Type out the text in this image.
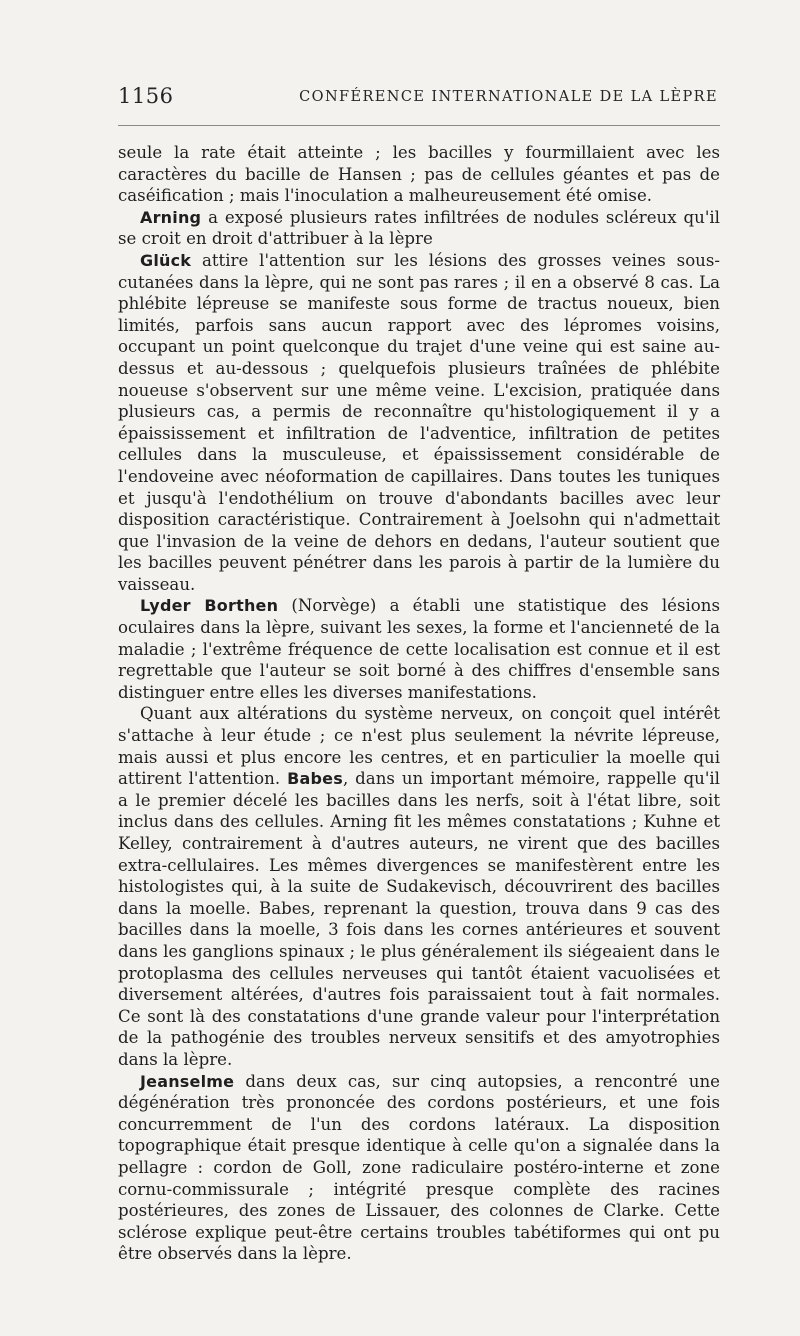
1156	CONFÉRENCE INTERNATIONALE DE LA LÈPRE

seule la rate était atteinte ; les bacilles y fourmillaient avec les caractères du bacille de Hansen ; pas de cellules géantes et pas de caséification ; mais l'inoculation a malheureusement été omise.

Arning a exposé plusieurs rates infiltrées de nodules scléreux qu'il se croit en droit d'attribuer à la lèpre

Glück attire l'attention sur les lésions des grosses veines sous-cutanées dans la lèpre, qui ne sont pas rares ; il en a observé 8 cas. La phlébite lépreuse se manifeste sous forme de tractus noueux, bien limités, parfois sans aucun rapport avec des lépromes voisins, occupant un point quelconque du trajet d'une veine qui est saine au-dessus et au-dessous ; quelquefois plusieurs traînées de phlébite noueuse s'observent sur une même veine. L'excision, pratiquée dans plusieurs cas, a permis de reconnaître qu'histologiquement il y a épaississement et infiltration de l'adventice, infiltration de petites cellules dans la musculeuse, et épaississement considérable de l'endoveine avec néoformation de capillaires. Dans toutes les tuniques et jusqu'à l'endothélium on trouve d'abondants bacilles avec leur disposition caractéristique. Contrairement à Joelsohn qui n'admettait que l'invasion de la veine de dehors en dedans, l'auteur soutient que les bacilles peuvent pénétrer dans les parois à partir de la lumière du vaisseau.

Lyder Borthen (Norvège) a établi une statistique des lésions oculaires dans la lèpre, suivant les sexes, la forme et l'ancienneté de la maladie ; l'extrême fréquence de cette localisation est connue et il est regrettable que l'auteur se soit borné à des chiffres d'ensemble sans distinguer entre elles les diverses manifestations.

Quant aux altérations du système nerveux, on conçoit quel intérêt s'attache à leur étude ; ce n'est plus seulement la névrite lépreuse, mais aussi et plus encore les centres, et en particulier la moelle qui attirent l'attention. Babes, dans un important mémoire, rappelle qu'il a le premier décelé les bacilles dans les nerfs, soit à l'état libre, soit inclus dans des cellules. Arning fit les mêmes constatations ; Kuhne et Kelley, contrairement à d'autres auteurs, ne virent que des bacilles extra-cellulaires. Les mêmes divergences se manifestèrent entre les histologistes qui, à la suite de Sudakevisch, découvrirent des bacilles dans la moelle. Babes, reprenant la question, trouva dans 9 cas des bacilles dans la moelle, 3 fois dans les cornes antérieures et souvent dans les ganglions spinaux ; le plus généralement ils siégeaient dans le protoplasma des cellules nerveuses qui tantôt étaient vacuolisées et diversement altérées, d'autres fois paraissaient tout à fait normales. Ce sont là des constatations d'une grande valeur pour l'interprétation de la pathogénie des troubles nerveux sensitifs et des amyotrophies dans la lèpre.

Jeanselme dans deux cas, sur cinq autopsies, a rencontré une dégénération très prononcée des cordons postérieurs, et une fois concurremment de l'un des cordons latéraux. La disposition topographique était presque identique à celle qu'on a signalée dans la pellagre : cordon de Goll, zone radiculaire postéro-interne et zone cornu-commissurale ; intégrité presque complète des racines postérieures, des zones de Lissauer, des colonnes de Clarke. Cette sclérose explique peut-être certains troubles tabétiformes qui ont pu être observés dans la lèpre.
